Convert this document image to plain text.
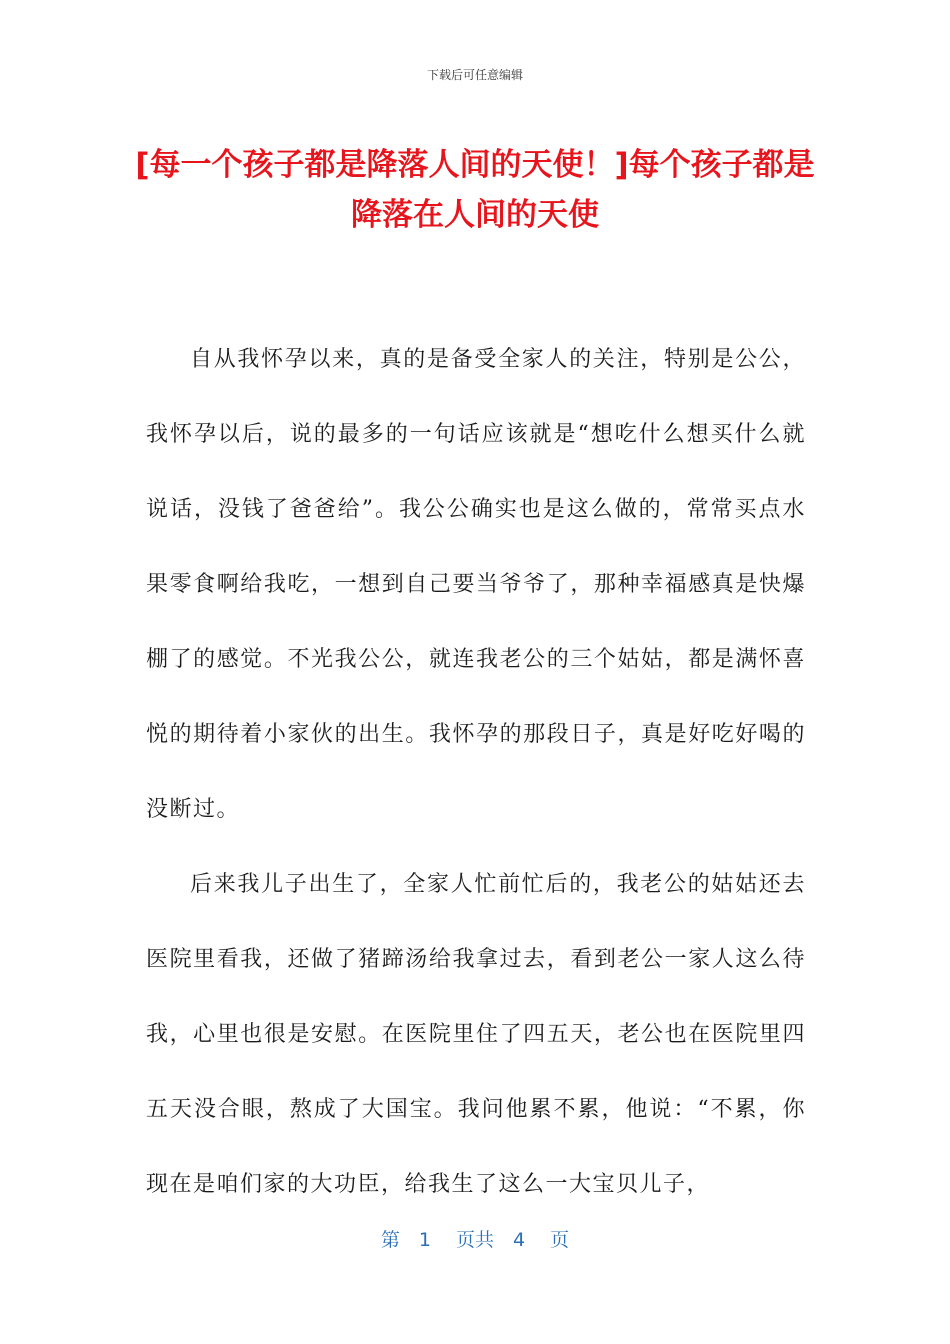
下载后可任意编辑
[每一个孩子都是降落人间的天使！]每个孩子都是降落在人间的天使

自从我怀孕以来，真的是备受全家人的关注，特别是公公，我怀孕以后，说的最多的一句话应该就是“想吃什么想买什么就说话，没钱了爸爸给”。我公公确实也是这么做的，常常买点水果零食啊给我吃，一想到自己要当爷爷了，那种幸福感真是快爆棚了的感觉。不光我公公，就连我老公的三个姑姑，都是满怀喜悦的期待着小家伙的出生。我怀孕的那段日子，真是好吃好喝的没断过。

后来我儿子出生了，全家人忙前忙后的，我老公的姑姑还去医院里看我，还做了猪蹄汤给我拿过去，看到老公一家人这么待我，心里也很是安慰。在医院里住了四五天，老公也在医院里四五天没合眼，熬成了大国宝。我问他累不累，他说：“不累，你现在是咱们家的大功臣，给我生了这么一大宝贝儿子，

第　1　 页共　4　 页
